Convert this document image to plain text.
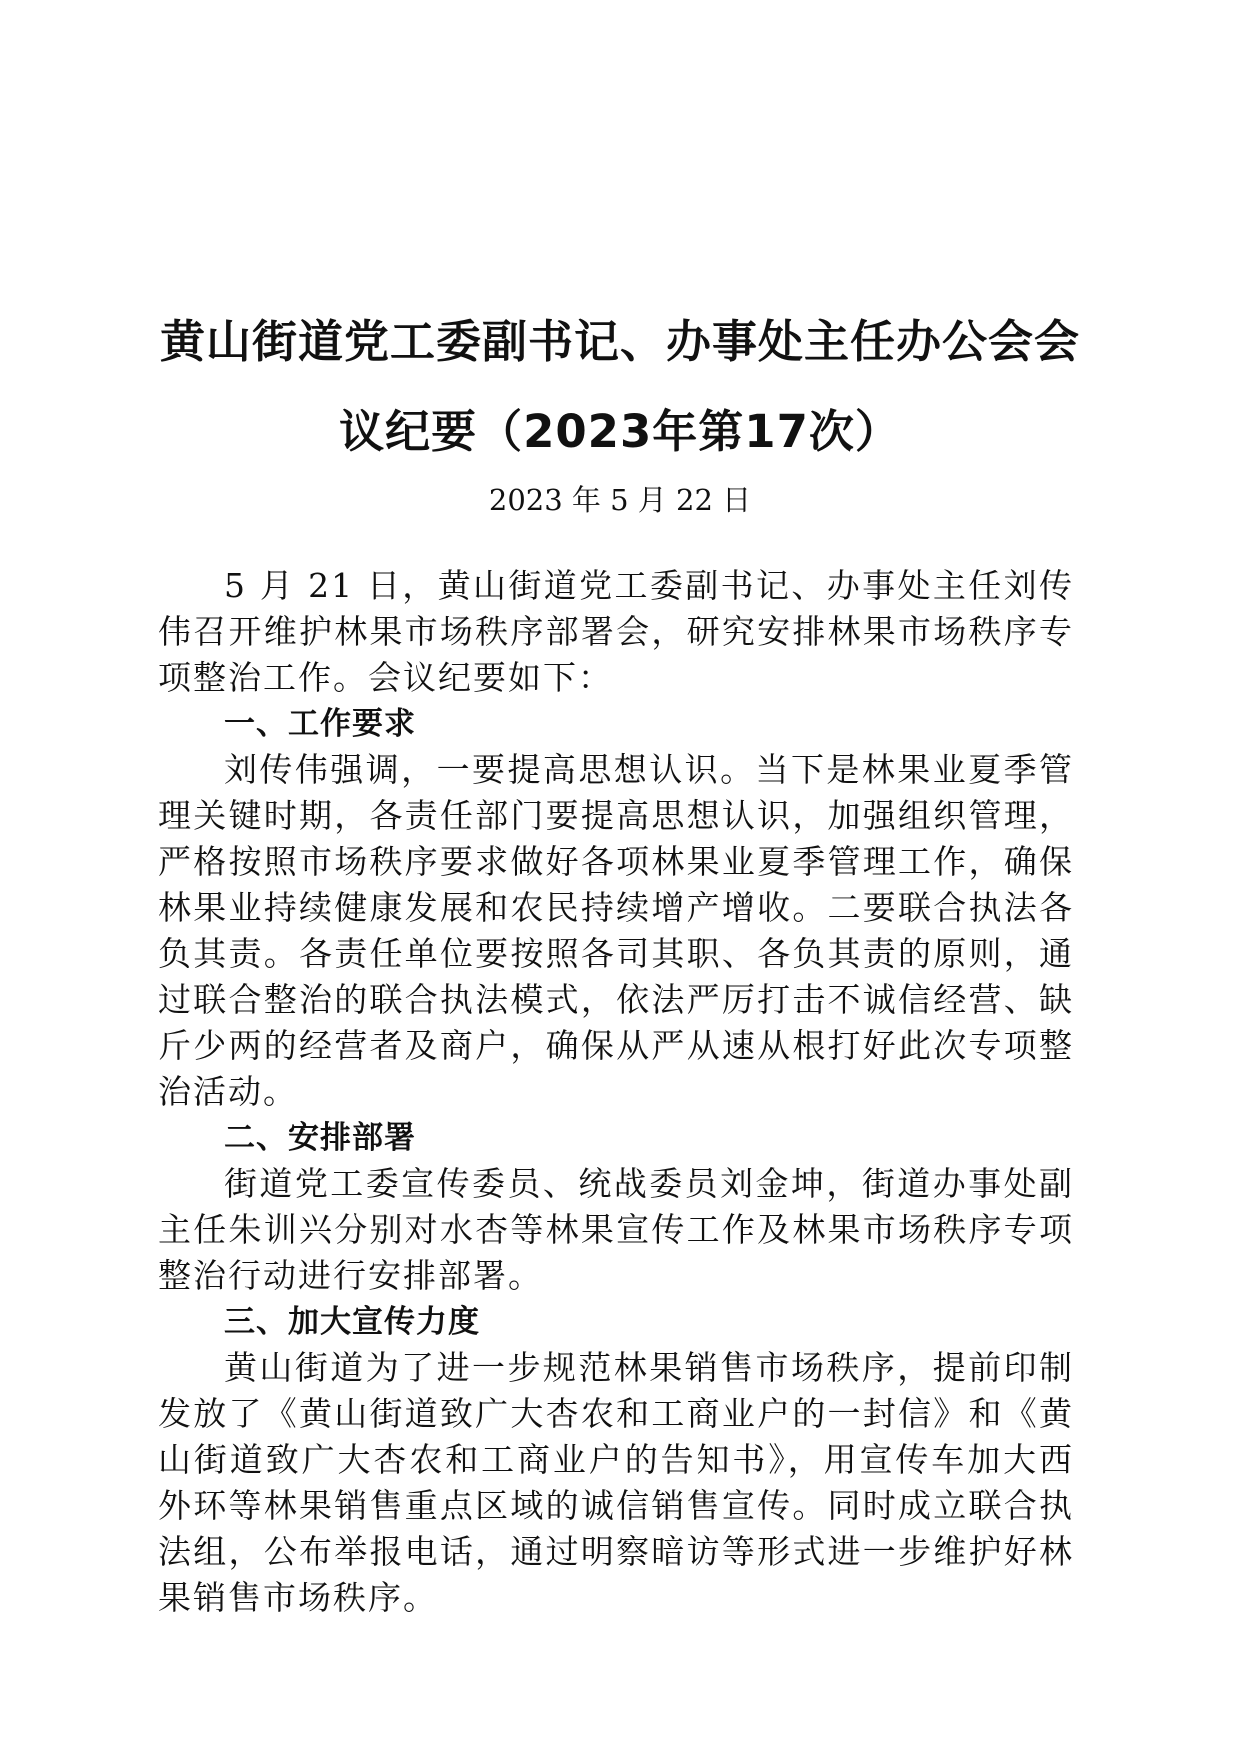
黄山街道党工委副书记、办事处主任办公会会
议纪要（2023年第17次）
2023 年 5 月 22 日

5 月 21 日，黄山街道党工委副书记、办事处主任刘传伟召开维护林果市场秩序部署会，研究安排林果市场秩序专项整治工作。会议纪要如下：

一、工作要求

刘传伟强调，一要提高思想认识。当下是林果业夏季管理关键时期，各责任部门要提高思想认识，加强组织管理，严格按照市场秩序要求做好各项林果业夏季管理工作，确保林果业持续健康发展和农民持续增产增收。二要联合执法各负其责。各责任单位要按照各司其职、各负其责的原则，通过联合整治的联合执法模式，依法严厉打击不诚信经营、缺斤少两的经营者及商户，确保从严从速从根打好此次专项整治活动。

二、安排部署

街道党工委宣传委员、统战委员刘金坤，街道办事处副主任朱训兴分别对水杏等林果宣传工作及林果市场秩序专项整治行动进行安排部署。

三、加大宣传力度

黄山街道为了进一步规范林果销售市场秩序，提前印制发放了《黄山街道致广大杏农和工商业户的一封信》和《黄山街道致广大杏农和工商业户的告知书》，用宣传车加大西外环等林果销售重点区域的诚信销售宣传。同时成立联合执法组，公布举报电话，通过明察暗访等形式进一步维护好林果销售市场秩序。
